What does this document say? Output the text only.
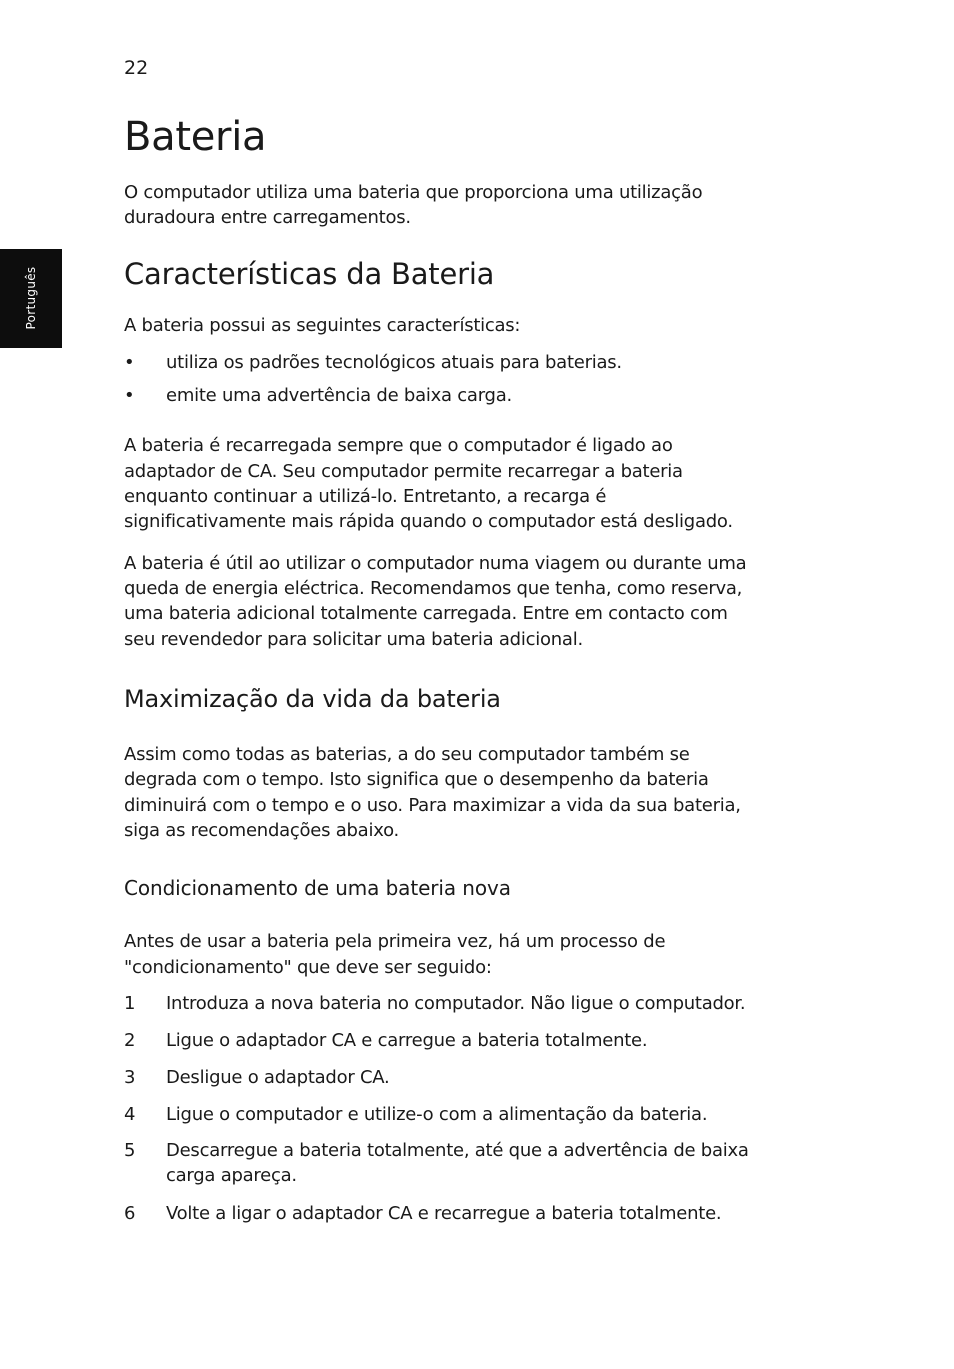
22
Português
Bateria

O computador utiliza uma bateria que proporciona uma utilização

duradoura entre carregamentos.

Características da Bateria

A bateria possui as seguintes características:

• utiliza os padrões tecnológicos atuais para baterias.
• emite uma advertência de baixa carga.

A bateria é recarregada sempre que o computador é ligado ao

adaptador de CA. Seu computador permite recarregar a bateria

enquanto continuar a utilizá-lo. Entretanto, a recarga é

significativamente mais rápida quando o computador está desligado.

A bateria é útil ao utilizar o computador numa viagem ou durante uma

queda de energia eléctrica. Recomendamos que tenha, como reserva,

uma bateria adicional totalmente carregada. Entre em contacto com

seu revendedor para solicitar uma bateria adicional.

Maximização da vida da bateria

Assim como todas as baterias, a do seu computador também se

degrada com o tempo. Isto significa que o desempenho da bateria

diminuirá com o tempo e o uso. Para maximizar a vida da sua bateria,

siga as recomendações abaixo.

Condicionamento de uma bateria nova

Antes de usar a bateria pela primeira vez, há um processo de

"condicionamento" que deve ser seguido:

1 Introduza a nova bateria no computador. Não ligue o computador.
2 Ligue o adaptador CA e carregue a bateria totalmente.
3 Desligue o adaptador CA.
4 Ligue o computador e utilize-o com a alimentação da bateria.
5 Descarregue a bateria totalmente, até que a advertência de baixa
carga apareça.
6 Volte a ligar o adaptador CA e recarregue a bateria totalmente.
